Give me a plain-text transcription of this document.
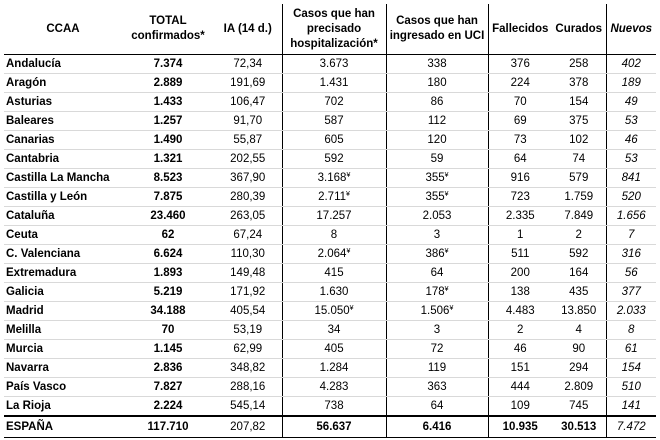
CCAA	TOTAL confirmados*	IA (14 d.)	Casos que han precisado hospitalización*	Casos que han ingresado en UCI	Fallecidos	Curados	Nuevos
Andalucía	7.374	72,34	3.673	338	376	258	402
Aragón	2.889	191,69	1.431	180	224	378	189
Asturias	1.433	106,47	702	86	70	154	49
Baleares	1.257	91,70	587	112	69	375	53
Canarias	1.490	55,87	605	120	73	102	46
Cantabria	1.321	202,55	592	59	64	74	53
Castilla La Mancha	8.523	367,90	3.168¥	355¥	916	579	841
Castilla y León	7.875	280,39	2.711¥	355¥	723	1.759	520
Cataluña	23.460	263,05	17.257	2.053	2.335	7.849	1.656
Ceuta	62	67,24	8	3	1	2	7
C. Valenciana	6.624	110,30	2.064¥	386¥	511	592	316
Extremadura	1.893	149,48	415	64	200	164	56
Galicia	5.219	171,92	1.630	178¥	138	435	377
Madrid	34.188	405,54	15.050¥	1.506¥	4.483	13.850	2.033
Melilla	70	53,19	34	3	2	4	8
Murcia	1.145	62,99	405	72	46	90	61
Navarra	2.836	348,82	1.284	119	151	294	154
País Vasco	7.827	288,16	4.283	363	444	2.809	510
La Rioja	2.224	545,14	738	64	109	745	141
ESPAÑA	117.710	207,82	56.637	6.416	10.935	30.513	7.472
